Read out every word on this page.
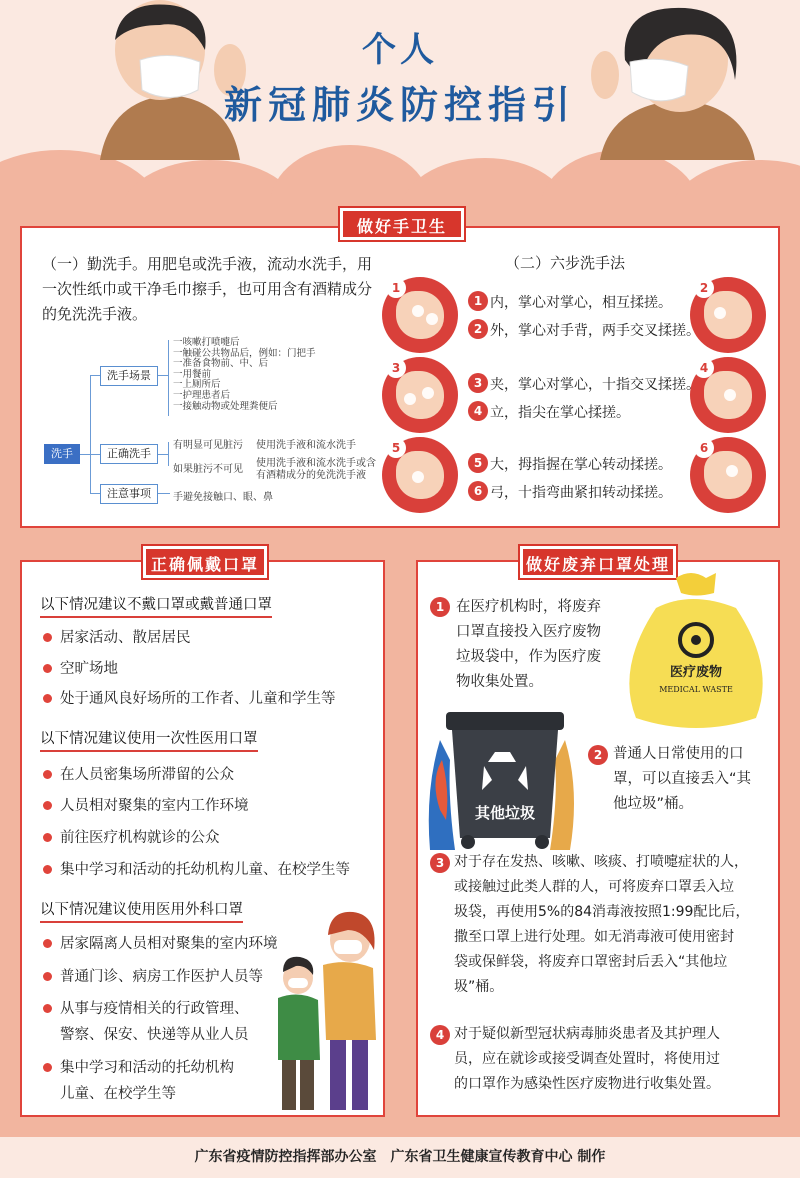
个人
新冠肺炎防控指引
做好手卫生
（一）勤洗手。用肥皂或洗手液，流动水洗手，用一次性纸巾或干净毛巾擦手，也可用含有酒精成分的免洗洗手液。
（二）六步洗手法
洗手
洗手场景
一咳嗽打喷嚏后
一触碰公共物品后，例如：门把手
一准备食物前、中、后
一用餐前
一上厕所后
一护理患者后
一接触动物或处理粪便后
正确洗手
有明显可见脏污 使用洗手液和流水洗手
如果脏污不可见
使用洗手液和流水洗手或含
有酒精成分的免洗洗手液
注意事项	手避免接触口、眼、鼻
1	2
3	4
5	6
1 内，掌心对掌心，相互揉搓。
2 外，掌心对手背，两手交叉揉搓。
3 夹，掌心对掌心，十指交叉揉搓。
4 立，指尖在掌心揉搓。
5 大，拇指握在掌心转动揉搓。
6 弓，十指弯曲紧扣转动揉搓。
正确佩戴口罩
以下情况建议不戴口罩或戴普通口罩
居家活动、散居居民
空旷场地
处于通风良好场所的工作者、儿童和学生等
以下情况建议使用一次性医用口罩
在人员密集场所滞留的公众
人员相对聚集的室内工作环境
前往医疗机构就诊的公众
集中学习和活动的托幼机构儿童、在校学生等
以下情况建议使用医用外科口罩
居家隔离人员相对聚集的室内环境
普通门诊、病房工作医护人员等
从事与疫情相关的行政管理、
警察、保安、快递等从业人员
集中学习和活动的托幼机构
儿童、在校学生等
做好废弃口罩处理
医疗废物
MEDICAL WASTE
其他垃圾
1 在医疗机构时，将废弃
口罩直接投入医疗废物
垃圾袋中，作为医疗废
物收集处置。
2 普通人日常使用的口
罩，可以直接丢入“其
他垃圾”桶。
3 对于存在发热、咳嗽、咳痰、打喷嚏症状的人，
或接触过此类人群的人，可将废弃口罩丢入垃
圾袋，再使用5%的84消毒液按照1:99配比后，
撒至口罩上进行处理。如无消毒液可使用密封
袋或保鲜袋，将废弃口罩密封后丢入“其他垃
圾”桶。
4 对于疑似新型冠状病毒肺炎患者及其护理人
员，应在就诊或接受调查处置时，将使用过
的口罩作为感染性医疗废物进行收集处置。
广东省疫情防控指挥部办公室　广东省卫生健康宣传教育中心 制作
